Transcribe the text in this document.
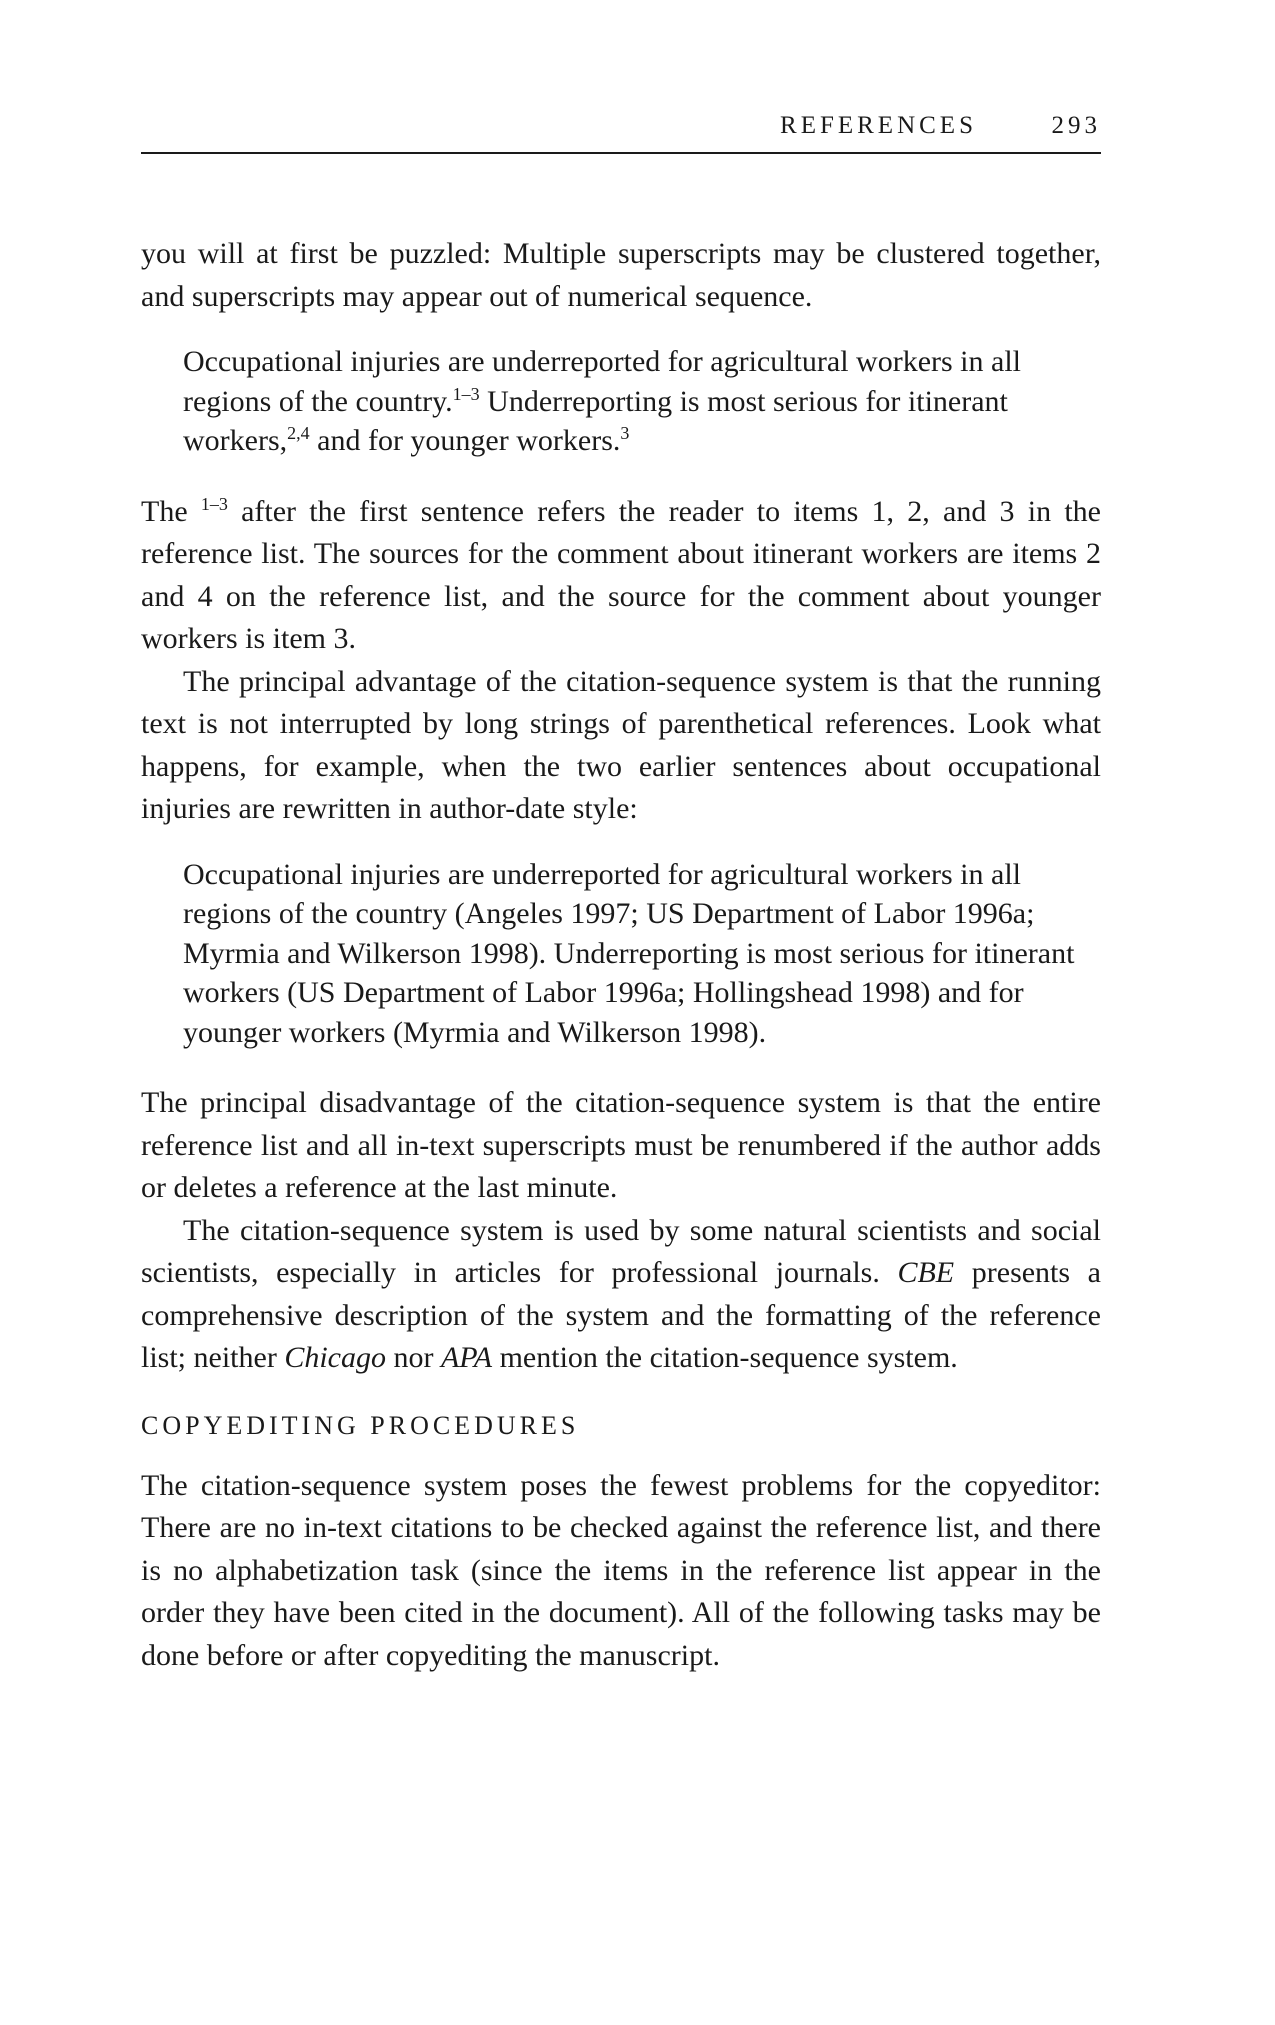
REFERENCES	293

you will at first be puzzled: Multiple superscripts may be clustered together, and superscripts may appear out of numerical sequence.

Occupational injuries are underreported for agricultural workers in all regions of the country.$^{1-3}$ Underreporting is most serious for itinerant workers,$^{2,4}$ and for younger workers.$^3$

The $^{1-3}$ after the first sentence refers the reader to items 1, 2, and 3 in the reference list. The sources for the comment about itinerant workers are items 2 and 4 on the reference list, and the source for the comment about younger workers is item 3.

The principal advantage of the citation-sequence system is that the running text is not interrupted by long strings of parenthetical references. Look what happens, for example, when the two earlier sentences about occupational injuries are rewritten in author-date style:

Occupational injuries are underreported for agricultural workers in all regions of the country (Angeles 1997; US Department of Labor 1996a; Myrmia and Wilkerson 1998). Underreporting is most serious for itinerant workers (US Department of Labor 1996a; Hollingshead 1998) and for younger workers (Myrmia and Wilkerson 1998).

The principal disadvantage of the citation-sequence system is that the entire reference list and all in-text superscripts must be renumbered if the author adds or deletes a reference at the last minute.

The citation-sequence system is used by some natural scientists and social scientists, especially in articles for professional journals. CBE presents a comprehensive description of the system and the formatting of the reference list; neither Chicago nor APA mention the citation-sequence system.

COPYEDITING PROCEDURES

The citation-sequence system poses the fewest problems for the copyeditor: There are no in-text citations to be checked against the reference list, and there is no alphabetization task (since the items in the reference list appear in the order they have been cited in the document). All of the following tasks may be done before or after copyediting the manuscript.
